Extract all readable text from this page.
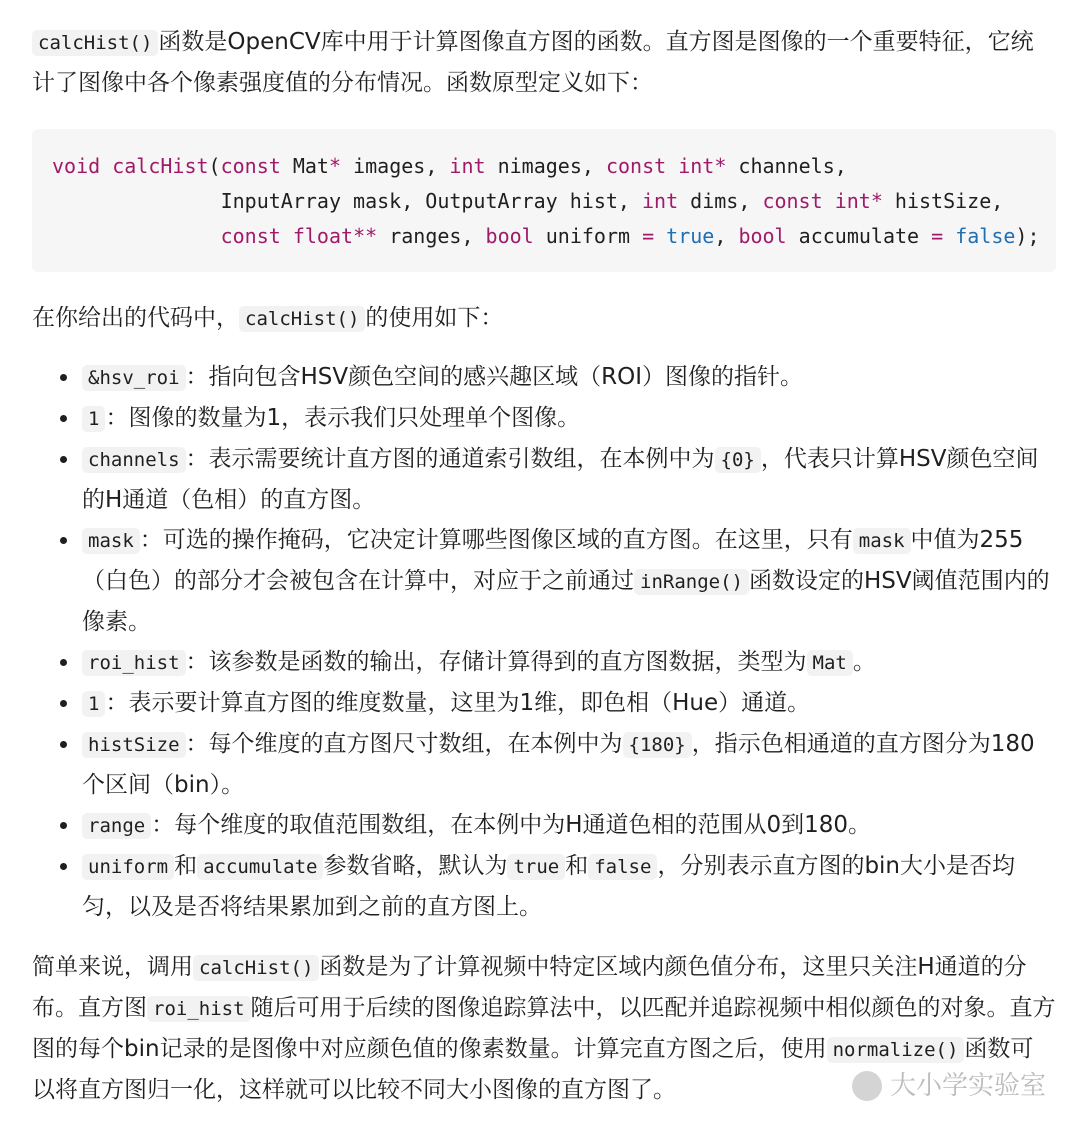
calcHist() 函数是OpenCV库中用于计算图像直方图的函数。直方图是图像的一个重要特征，它统计了图像中各个像素强度值的分布情况。函数原型定义如下：

void calcHist(const Mat* images, int nimages, const int* channels,
InputArray mask, OutputArray hist, int dims, const int* histSize,
const float** ranges, bool uniform = true, bool accumulate = false);

在你给出的代码中， calcHist() 的使用如下：

&hsv_roi ：指向包含HSV颜色空间的感兴趣区域（ROI）图像的指针。
1 ：图像的数量为1，表示我们只处理单个图像。
channels ：表示需要统计直方图的通道索引数组，在本例中为 {0} ，代表只计算HSV颜色空间的H通道（色相）的直方图。
mask ：可选的操作掩码，它决定计算哪些图像区域的直方图。在这里，只有 mask 中值为255（白色）的部分才会被包含在计算中，对应于之前通过 inRange() 函数设定的HSV阈值范围内的像素。
roi_hist ：该参数是函数的输出，存储计算得到的直方图数据，类型为 Mat 。
1 ：表示要计算直方图的维度数量，这里为1维，即色相（Hue）通道。
histSize ：每个维度的直方图尺寸数组，在本例中为 {180} ，指示色相通道的直方图分为180个区间（bin）。
range ：每个维度的取值范围数组，在本例中为H通道色相的范围从0到180。
uniform 和 accumulate 参数省略，默认为 true 和 false ，分别表示直方图的bin大小是否均匀，以及是否将结果累加到之前的直方图上。

简单来说，调用 calcHist() 函数是为了计算视频中特定区域内颜色值分布，这里只关注H通道的分布。直方图 roi_hist 随后可用于后续的图像追踪算法中，以匹配并追踪视频中相似颜色的对象。直方图的每个bin记录的是图像中对应颜色值的像素数量。计算完直方图之后，使用 normalize() 函数可以将直方图归一化，这样就可以比较不同大小图像的直方图了。	大小学实验室
